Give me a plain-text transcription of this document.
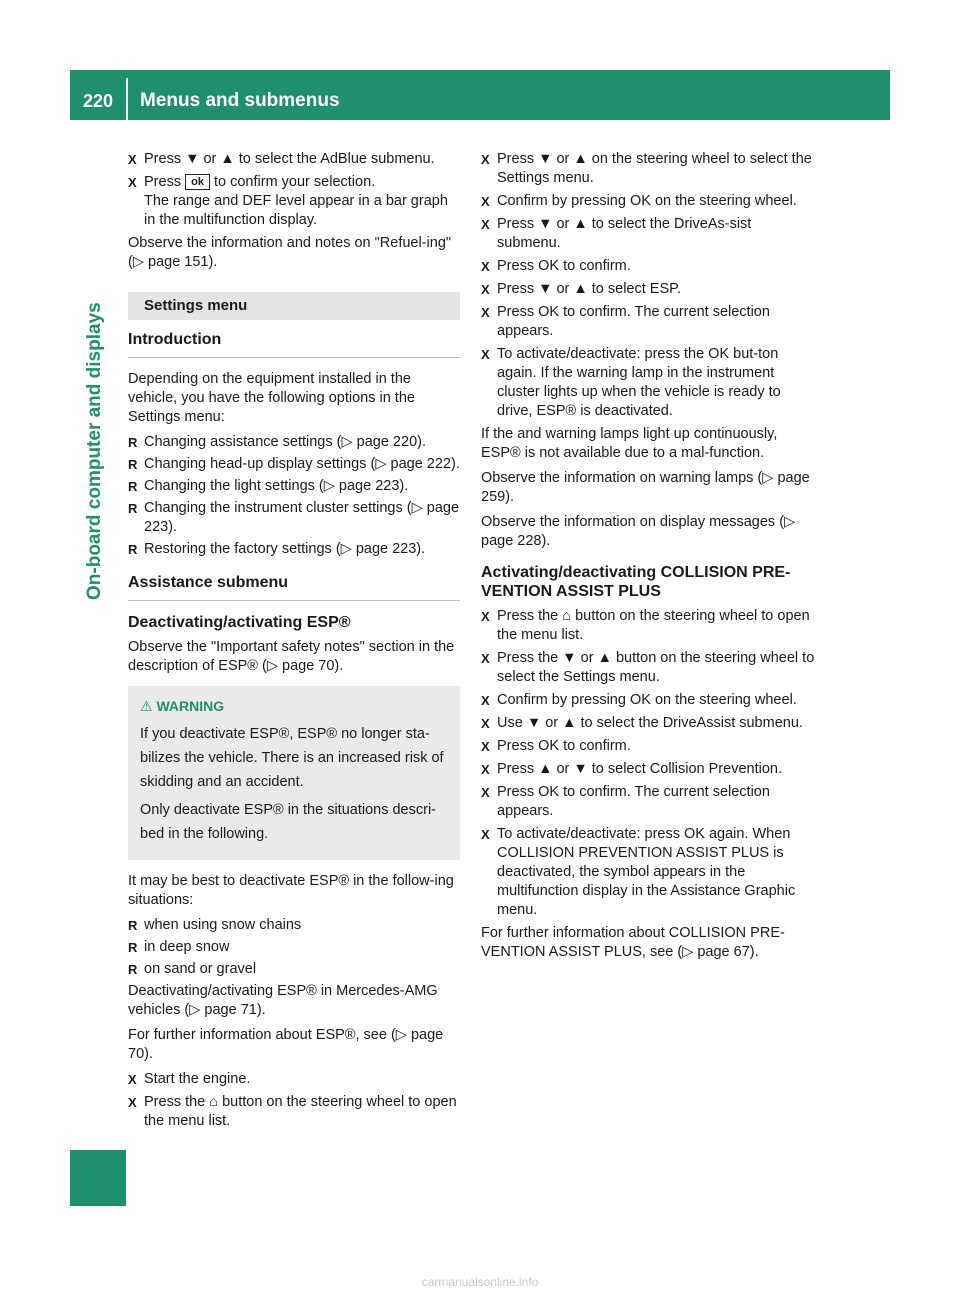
220	Menus and submenus
On-board computer and displays
X Press ▼ or ▲ to select the AdBlue submenu.
X Press ok to confirm your selection.
The range and DEF level appear in a bar graph in the multifunction display.

Observe the information and notes on "Refuel-ing" (▷ page 151).

Settings menu
Introduction

Depending on the equipment installed in the vehicle, you have the following options in the Settings menu:

R Changing assistance settings (▷ page 220).
R Changing head-up display settings (▷ page 222).
R Changing the light settings (▷ page 223).
R Changing the instrument cluster settings (▷ page 223).
R Restoring the factory settings (▷ page 223).
Assistance submenu
Deactivating/activating ESP®

Observe the "Important safety notes" section in the description of ESP® (▷ page 70).

⚠ WARNING

If you deactivate ESP®, ESP® no longer sta-bilizes the vehicle. There is an increased risk of skidding and an accident.

Only deactivate ESP® in the situations descri-bed in the following.

It may be best to deactivate ESP® in the follow-ing situations:

R when using snow chains
R in deep snow
R on sand or gravel

Deactivating/activating ESP® in Mercedes-AMG vehicles (▷ page 71).

For further information about ESP®, see (▷ page 70).

X Start the engine.
X Press the ⌂ button on the steering wheel to open the menu list.
X Press ▼ or ▲ on the steering wheel to select the Settings menu.
X Confirm by pressing OK on the steering wheel.
X Press ▼ or ▲ to select the DriveAs-sist submenu.
X Press OK to confirm.
X Press ▼ or ▲ to select ESP.
X Press OK to confirm. The current selection appears.
X To activate/deactivate: press the OK but-ton again. If the warning lamp in the instrument cluster lights up when the vehicle is ready to drive, ESP® is deactivated.

If the and warning lamps light up continuously, ESP® is not available due to a mal-function.

Observe the information on warning lamps (▷ page 259).

Observe the information on display messages (▷ page 228).

Activating/deactivating COLLISION PRE-VENTION ASSIST PLUS
X Press the ⌂ button on the steering wheel to open the menu list.
X Press the ▼ or ▲ button on the steering wheel to select the Settings menu.
X Confirm by pressing OK on the steering wheel.
X Use ▼ or ▲ to select the DriveAssist submenu.
X Press OK to confirm.
X Press ▲ or ▼ to select Collision Prevention.
X Press OK to confirm. The current selection appears.
X To activate/deactivate: press OK again. When COLLISION PREVENTION ASSIST PLUS is deactivated, the symbol appears in the multifunction display in the Assistance Graphic menu.

For further information about COLLISION PRE-VENTION ASSIST PLUS, see (▷ page 67).

carmanualsonline.info
